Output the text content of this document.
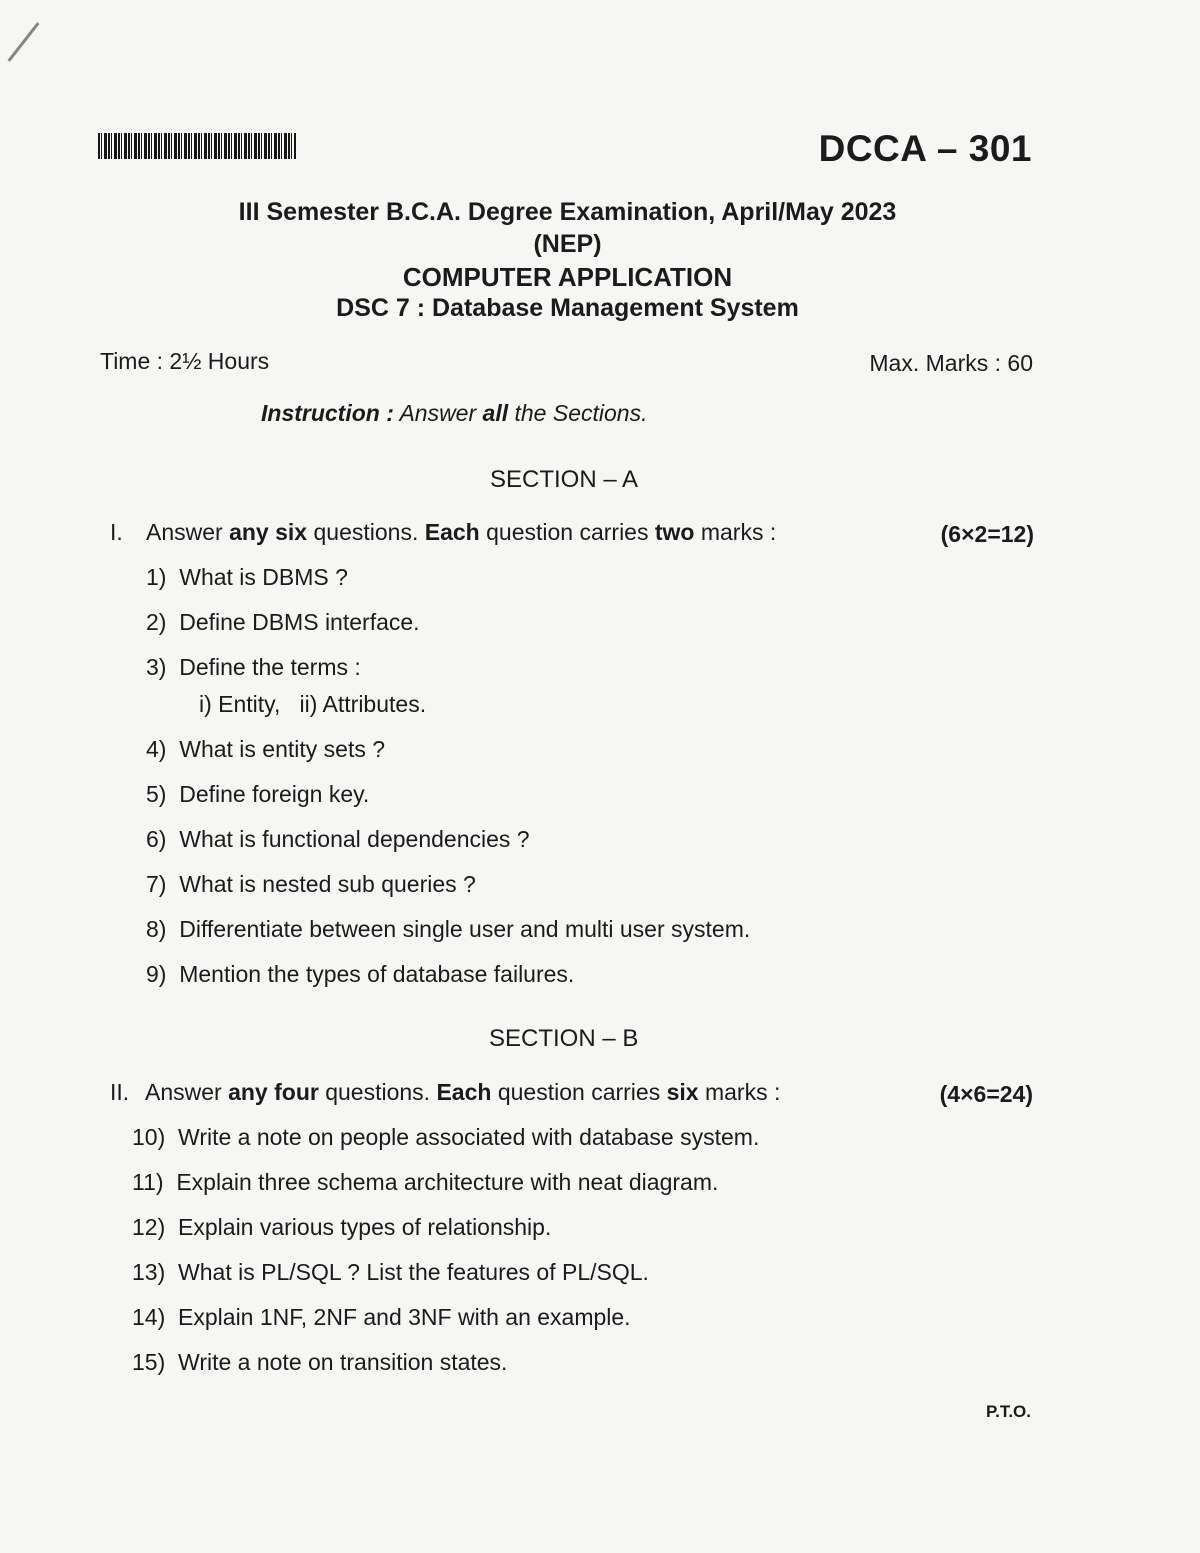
DCCA – 301
III Semester B.C.A. Degree Examination, April/May 2023
(NEP)
COMPUTER APPLICATION
DSC 7 : Database Management System
Time : 2½ Hours	Max. Marks : 60
Instruction : Answer all the Sections.
SECTION – A
I. Answer any six questions. Each question carries two marks :	(6×2=12)
1) What is DBMS ?
2) Define DBMS interface.
3) Define the terms :
i) Entity, ii) Attributes.
4) What is entity sets ?
5) Define foreign key.
6) What is functional dependencies ?
7) What is nested sub queries ?
8) Differentiate between single user and multi user system.
9) Mention the types of database failures.
SECTION – B
II. Answer any four questions. Each question carries six marks :	(4×6=24)
10) Write a note on people associated with database system.
11) Explain three schema architecture with neat diagram.
12) Explain various types of relationship.
13) What is PL/SQL ? List the features of PL/SQL.
14) Explain 1NF, 2NF and 3NF with an example.
15) Write a note on transition states.
P.T.O.
